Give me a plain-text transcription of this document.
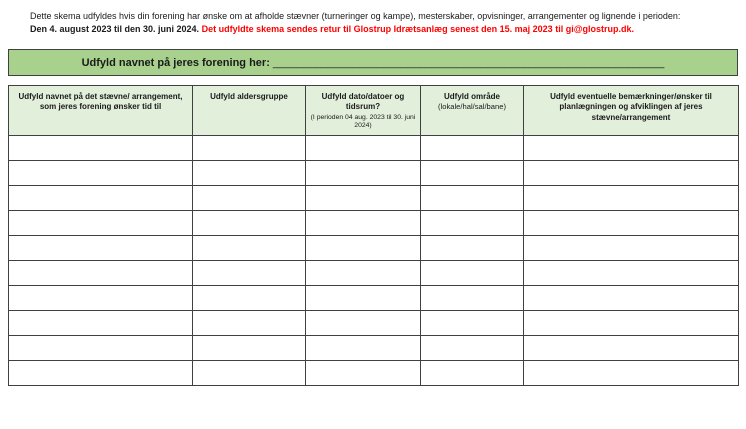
Dette skema udfyldes hvis din forening har ønske om at afholde stævner (turneringer og kampe), mesterskaber, opvisninger, arrangementer og lignende i perioden:
Den 4. august 2023 til den 30. juni 2024. Det udfyldte skema sendes retur til Glostrup Idrætsanlæg senest den 15. maj 2023 til gi@glostrup.dk.
Udfyld navnet på jeres forening her: ________________________________________________________________
Udfyld navnet på det stævne/ arrangement, som jeres forening ønsker tid til	Udfyld aldersgruppe	Udfyld dato/datoer og tidsrum?
(I perioden 04 aug. 2023 til 30. juni 2024)	Udfyld område
(lokale/hal/sal/bane)	Udfyld eventuelle bemærkninger/ønsker til planlægningen og afviklingen af jeres stævne/arrangement
